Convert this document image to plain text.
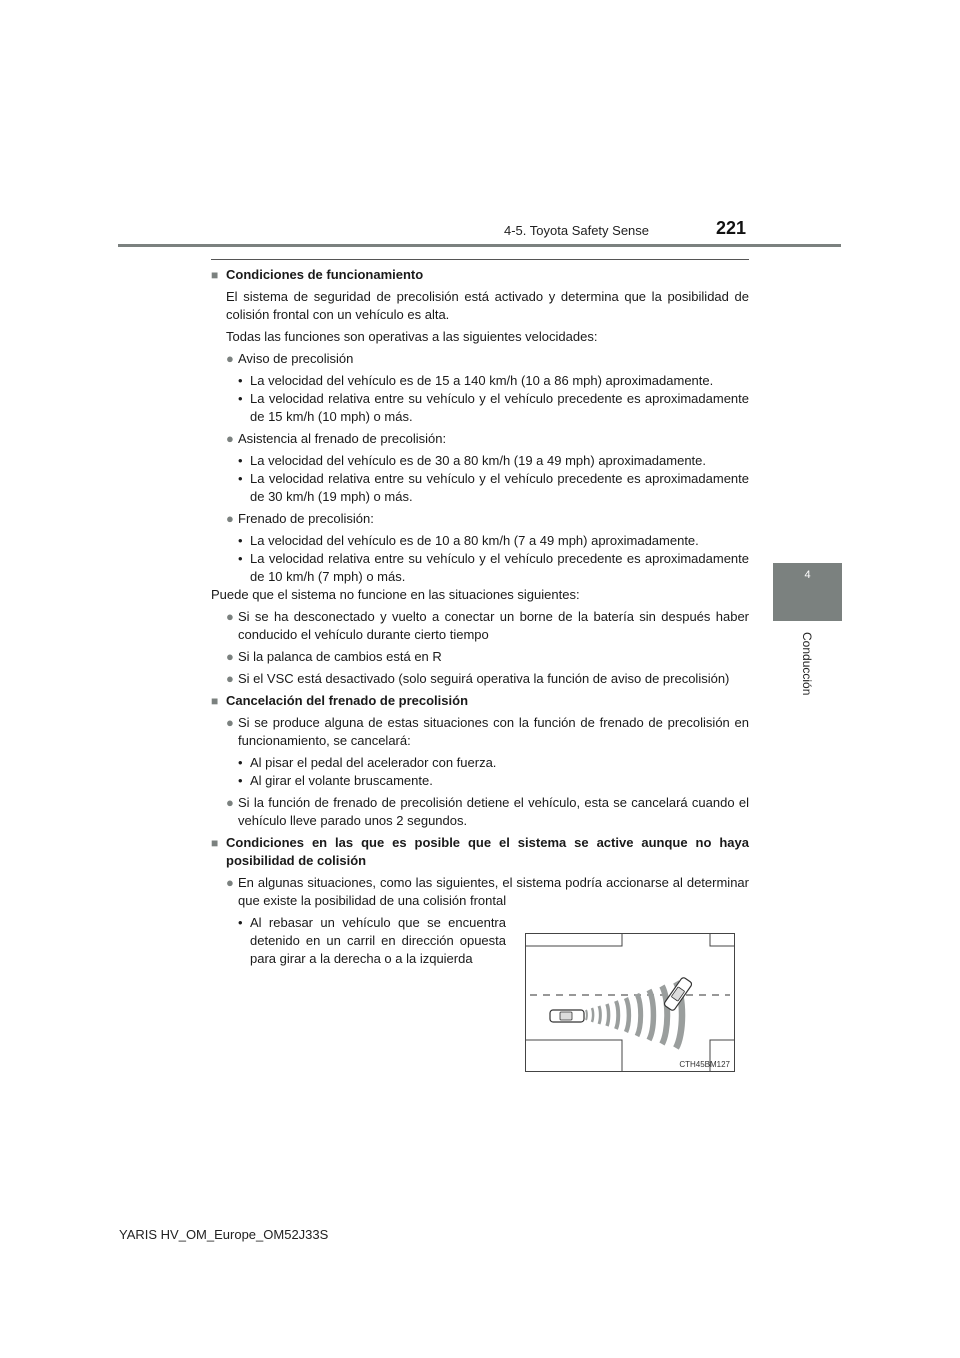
4-5. Toyota Safety Sense	221
4
Conducción
■ Condiciones de funcionamiento
El sistema de seguridad de precolisión está activado y determina que la posibilidad de colisión frontal con un vehículo es alta.
Todas las funciones son operativas a las siguientes velocidades:
● Aviso de precolisión
• La velocidad del vehículo es de 15 a 140 km/h (10 a 86 mph) aproximadamente.
• La velocidad relativa entre su vehículo y el vehículo precedente es aproximadamente de 15 km/h (10 mph) o más.
● Asistencia al frenado de precolisión:
• La velocidad del vehículo es de 30 a 80 km/h (19 a 49 mph) aproximadamente.
• La velocidad relativa entre su vehículo y el vehículo precedente es aproximadamente de 30 km/h (19 mph) o más.
● Frenado de precolisión:
• La velocidad del vehículo es de 10 a 80 km/h (7 a 49 mph) aproximadamente.
• La velocidad relativa entre su vehículo y el vehículo precedente es aproximadamente de 10 km/h (7 mph) o más.
Puede que el sistema no funcione en las situaciones siguientes:
● Si se ha desconectado y vuelto a conectar un borne de la batería sin después haber conducido el vehículo durante cierto tiempo
● Si la palanca de cambios está en R
● Si el VSC está desactivado (solo seguirá operativa la función de aviso de precolisión)
■ Cancelación del frenado de precolisión
● Si se produce alguna de estas situaciones con la función de frenado de precolisión en funcionamiento, se cancelará:
• Al pisar el pedal del acelerador con fuerza.
• Al girar el volante bruscamente.
● Si la función de frenado de precolisión detiene el vehículo, esta se cancelará cuando el vehículo lleve parado unos 2 segundos.
■ Condiciones en las que es posible que el sistema se active aunque no haya posibilidad de colisión
● En algunas situaciones, como las siguientes, el sistema podría accionarse al determinar que existe la posibilidad de una colisión frontal
• Al rebasar un vehículo que se encuentra detenido en un carril en dirección opuesta para girar a la derecha o a la izquierda
CTH45BM127
YARIS HV_OM_Europe_OM52J33S
